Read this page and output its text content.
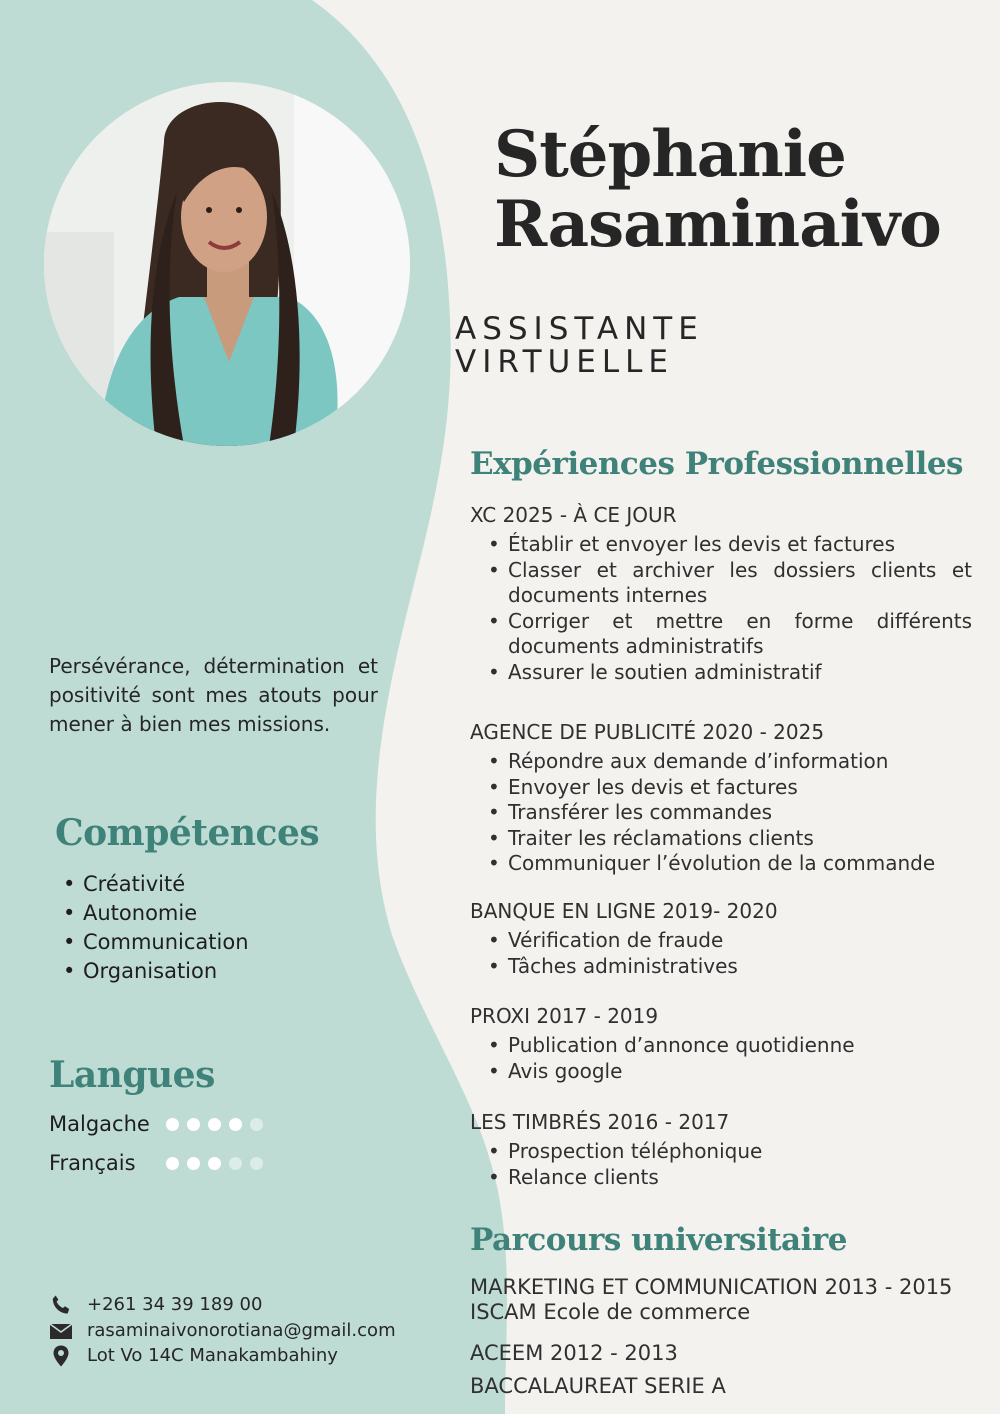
Stéphanie
Rasaminaivo
ASSISTANTE
VIRTUELLE
Expériences Professionnelles
XC 2025 - À CE JOUR
• Établir et envoyer les devis et factures
• Classer et archiver les dossiers clients et documents internes
• Corriger et mettre en forme différents documents administratifs
• Assurer le soutien administratif
AGENCE DE PUBLICITÉ 2020 - 2025
• Répondre aux demande d’information
• Envoyer les devis et factures
• Transférer les commandes
• Traiter les réclamations clients
• Communiquer l’évolution de la commande
BANQUE EN LIGNE 2019- 2020
• Vérification de fraude
• Tâches administratives
PROXI 2017 - 2019
• Publication d’annonce quotidienne
• Avis google
LES TIMBRÉS 2016 - 2017
• Prospection téléphonique
• Relance clients
Parcours universitaire
MARKETING ET COMMUNICATION 2013 - 2015
ISCAM Ecole de commerce
ACEEM 2012 - 2013
BACCALAUREAT SERIE A

Persévérance, détermination et positivité sont mes atouts pour mener à bien mes missions.

Compétences
• Créativité
• Autonomie
• Communication
• Organisation
Langues
Malgache
Français
+261 34 39 189 00
rasaminaivonorotiana@gmail.com
Lot Vo 14C Manakambahiny
